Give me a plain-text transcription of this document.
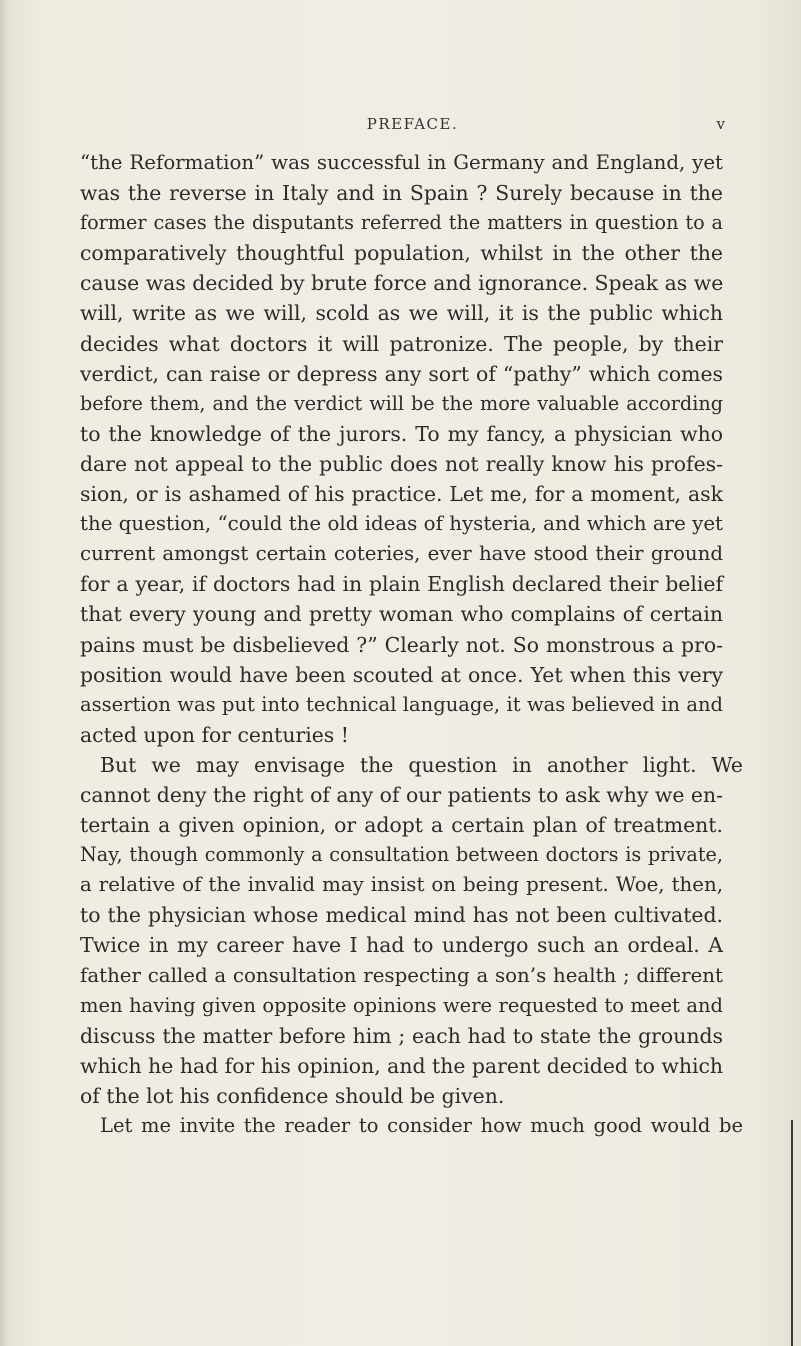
PREFACE.	v
“the Reformation” was successful in Germany and England, yet
was the reverse in Italy and in Spain ? Surely because in the
former cases the disputants referred the matters in question to a
comparatively thoughtful population, whilst in the other the
cause was decided by brute force and ignorance. Speak as we
will, write as we will, scold as we will, it is the public which
decides what doctors it will patronize. The people, by their
verdict, can raise or depress any sort of “pathy” which comes
before them, and the verdict will be the more valuable according
to the knowledge of the jurors. To my fancy, a physician who
dare not appeal to the public does not really know his profes-
sion, or is ashamed of his practice. Let me, for a moment, ask
the question, “could the old ideas of hysteria, and which are yet
current amongst certain coteries, ever have stood their ground
for a year, if doctors had in plain English declared their belief
that every young and pretty woman who complains of certain
pains must be disbelieved ?” Clearly not. So monstrous a pro-
position would have been scouted at once. Yet when this very
assertion was put into technical language, it was believed in and
acted upon for centuries !
But we may envisage the question in another light. We
cannot deny the right of any of our patients to ask why we en-
tertain a given opinion, or adopt a certain plan of treatment.
Nay, though commonly a consultation between doctors is private,
a relative of the invalid may insist on being present. Woe, then,
to the physician whose medical mind has not been cultivated.
Twice in my career have I had to undergo such an ordeal. A
father called a consultation respecting a son’s health ; different
men having given opposite opinions were requested to meet and
discuss the matter before him ; each had to state the grounds
which he had for his opinion, and the parent decided to which
of the lot his confidence should be given.
Let me invite the reader to consider how much good would be
